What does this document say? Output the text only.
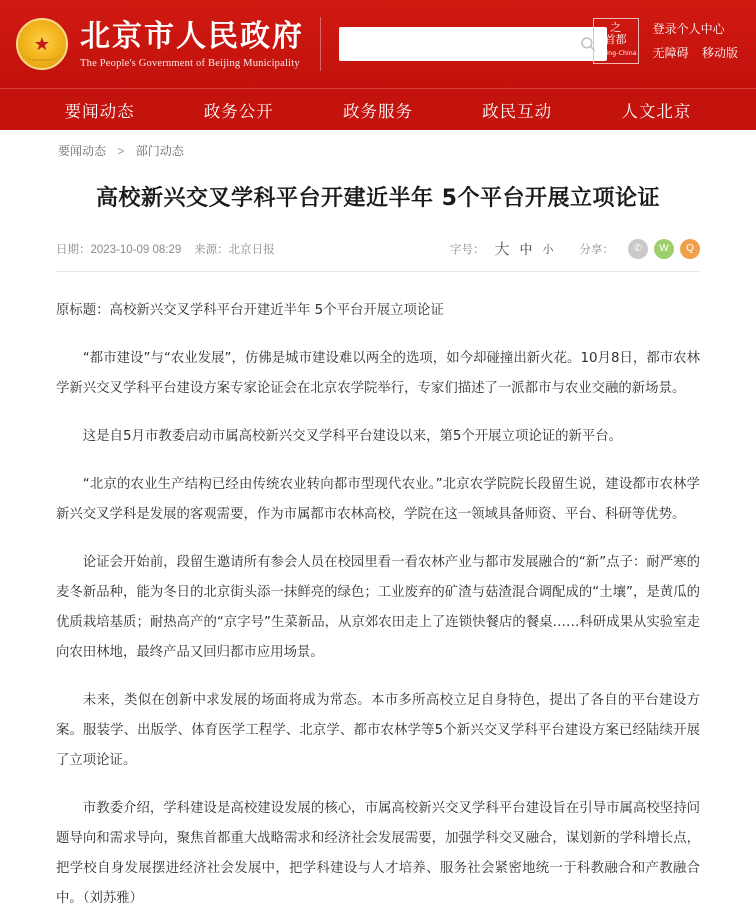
★ 北京市人民政府
The People's Government of Beijing Municipality
之
首都
Beijing-China
登录个人中心
无障碍 移动版
要闻动态	政务公开	政务服务	政民互动	人文北京
要闻动态 > 部门动态
高校新兴交叉学科平台开建近半年 5个平台开展立项论证
日期：2023-10-09 08:29 来源：北京日报	字号： 大 中 小 分享：	✆	W	Q

原标题：高校新兴交叉学科平台开建近半年 5个平台开展立项论证

“都市建设”与“农业发展”，仿佛是城市建设难以两全的选项，如今却碰撞出新火花。10月8日，都市农林学新兴交叉学科平台建设方案专家论证会在北京农学院举行，专家们描述了一派都市与农业交融的新场景。

这是自5月市教委启动市属高校新兴交叉学科平台建设以来，第5个开展立项论证的新平台。

“北京的农业生产结构已经由传统农业转向都市型现代农业。”北京农学院院长段留生说，建设都市农林学新兴交叉学科是发展的客观需要，作为市属都市农林高校，学院在这一领域具备师资、平台、科研等优势。

论证会开始前，段留生邀请所有参会人员在校园里看一看农林产业与都市发展融合的“新”点子：耐严寒的麦冬新品种，能为冬日的北京街头添一抹鲜亮的绿色；工业废弃的矿渣与菇渣混合调配成的“土壤”，是黄瓜的优质栽培基质；耐热高产的“京字号”生菜新品，从京郊农田走上了连锁快餐店的餐桌……科研成果从实验室走向农田林地，最终产品又回归都市应用场景。

未来，类似在创新中求发展的场面将成为常态。本市多所高校立足自身特色，提出了各自的平台建设方案。服装学、出版学、体育医学工程学、北京学、都市农林学等5个新兴交叉学科平台建设方案已经陆续开展了立项论证。

市教委介绍，学科建设是高校建设发展的核心，市属高校新兴交叉学科平台建设旨在引导市属高校坚持问题导向和需求导向，聚焦首都重大战略需求和经济社会发展需要，加强学科交叉融合，谋划新的学科增长点，把学校自身发展摆进经济社会发展中，把学科建设与人才培养、服务社会紧密地统一于科教融合和产教融合中。（刘苏雅）
